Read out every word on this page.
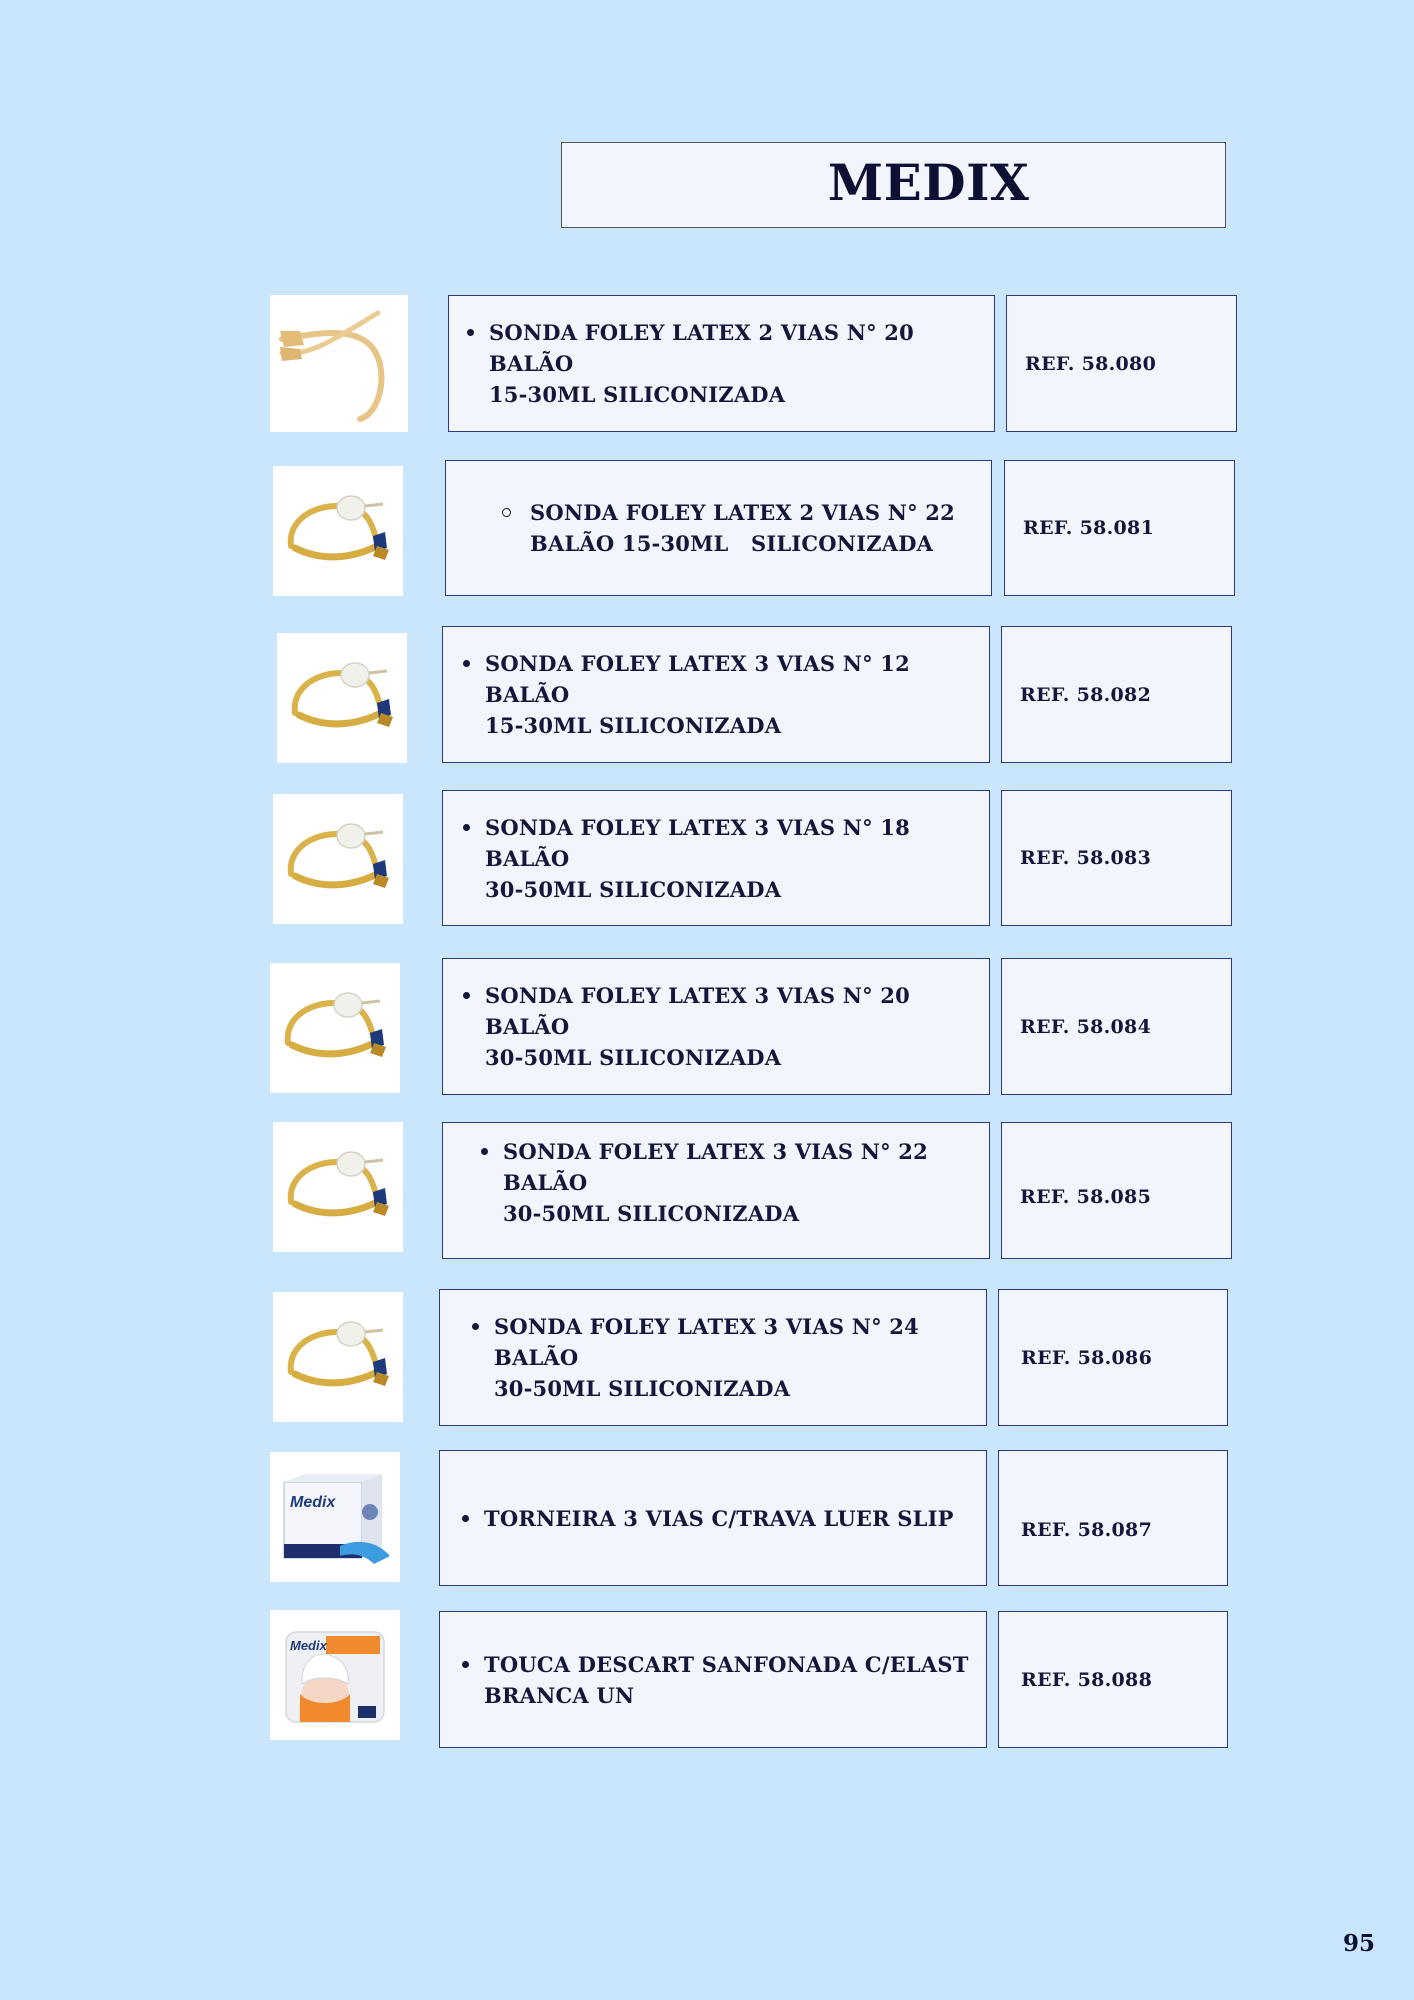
MEDIX
SONDA FOLEY LATEX 2 VIAS N° 20 BALÃO
15-30ML SILICONIZADA
REF. 58.080
SONDA FOLEY LATEX 2 VIAS N° 22
BALÃO 15-30ML   SILICONIZADA
REF. 58.081
SONDA FOLEY LATEX 3 VIAS N° 12 BALÃO
15-30ML SILICONIZADA
REF. 58.082
SONDA FOLEY LATEX 3 VIAS N° 18 BALÃO
30-50ML SILICONIZADA
REF. 58.083
SONDA FOLEY LATEX 3 VIAS N° 20 BALÃO
30-50ML SILICONIZADA
REF. 58.084
SONDA FOLEY LATEX 3 VIAS N° 22 BALÃO
30-50ML SILICONIZADA
REF. 58.085
SONDA FOLEY LATEX 3 VIAS N° 24 BALÃO
30-50ML SILICONIZADA
REF. 58.086
Medix
TORNEIRA 3 VIAS C/TRAVA LUER SLIP	REF. 58.087
Medix
TOUCA DESCART SANFONADA C/ELAST
BRANCA UN
REF. 58.088
95
